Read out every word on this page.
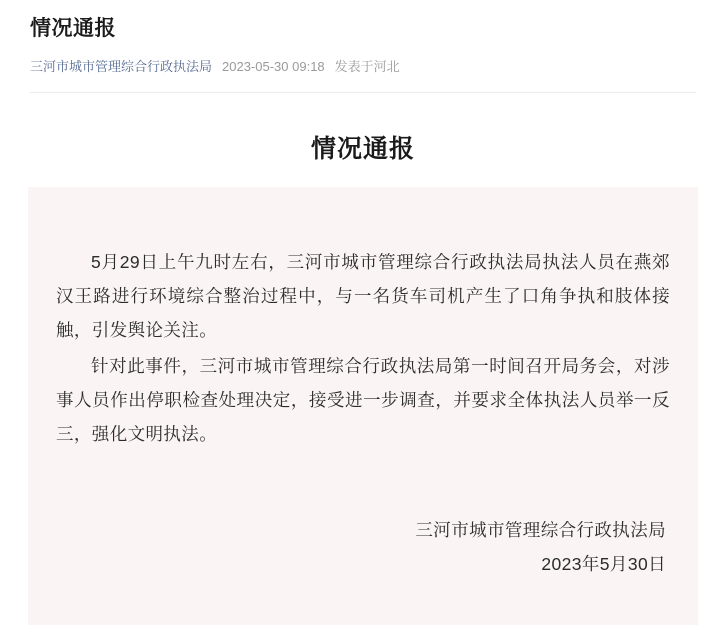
情况通报
三河市城市管理综合行政执法局 2023-05-30 09:18 发表于河北
情况通报

5月29日上午九时左右，三河市城市管理综合行政执法局执法人员在燕郊汉王路进行环境综合整治过程中，与一名货车司机产生了口角争执和肢体接触，引发舆论关注。

针对此事件，三河市城市管理综合行政执法局第一时间召开局务会，对涉事人员作出停职检查处理决定，接受进一步调查，并要求全体执法人员举一反三，强化文明执法。

三河市城市管理综合行政执法局
2023年5月30日
